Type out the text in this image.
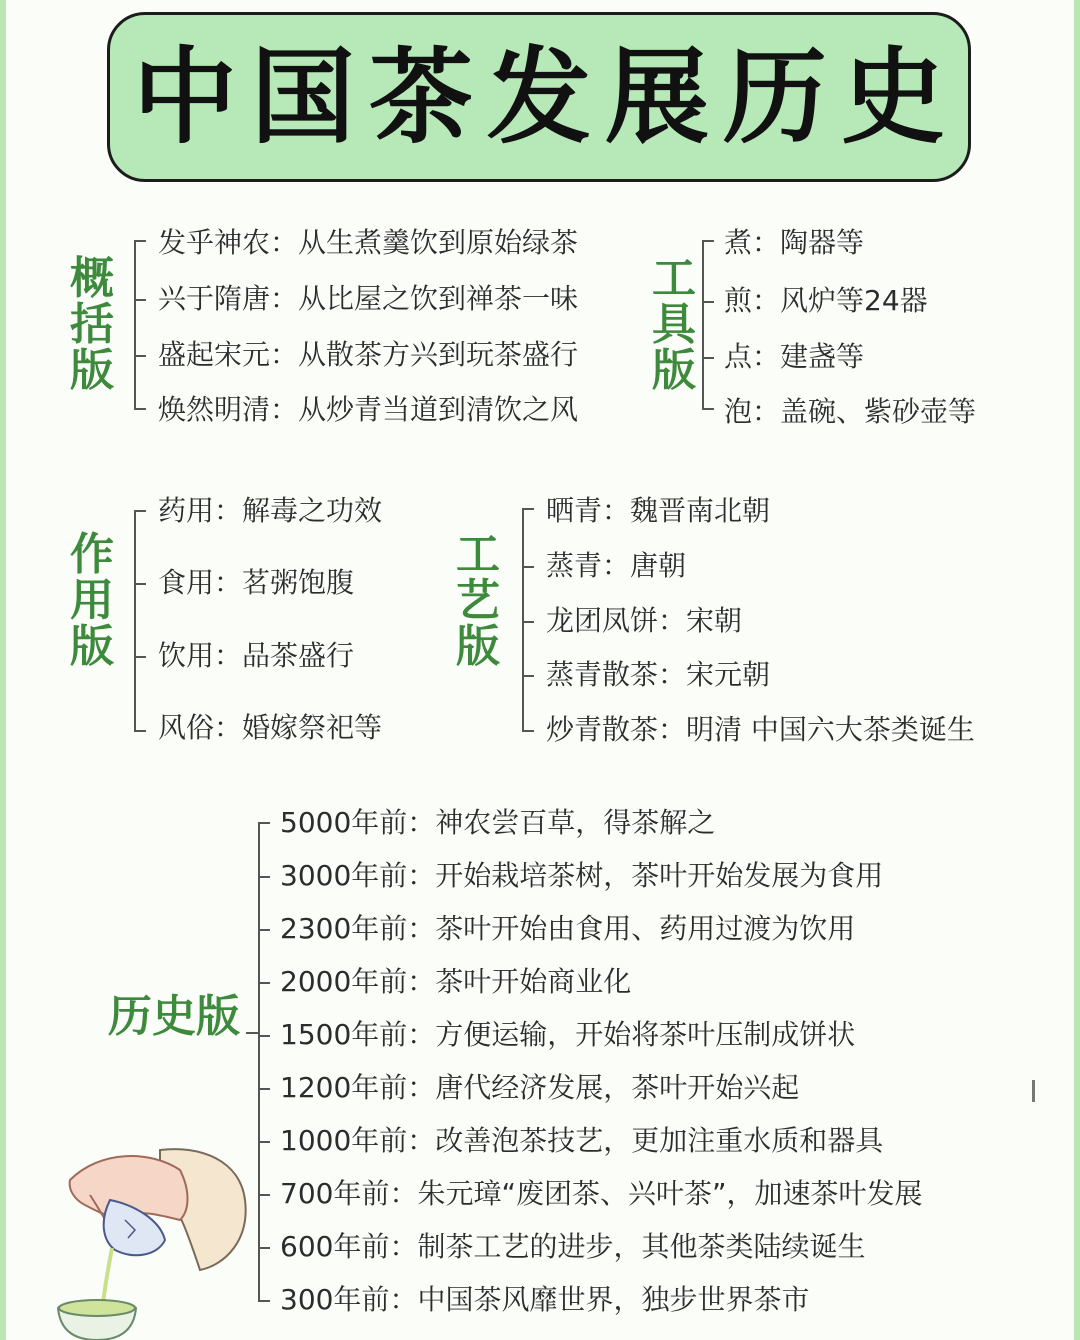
中国茶发展历史
概括版
发乎神农：从生煮羹饮到原始绿茶
兴于隋唐：从比屋之饮到禅茶一味
盛起宋元：从散茶方兴到玩茶盛行
焕然明清：从炒青当道到清饮之风
工具版
煮：陶器等
煎：风炉等24器
点：建盏等
泡：盖碗、紫砂壶等
作用版
药用：解毒之功效
食用：茗粥饱腹
饮用：品茶盛行
风俗：婚嫁祭祀等
工艺版
晒青：魏晋南北朝
蒸青：唐朝
龙团凤饼：宋朝
蒸青散茶：宋元朝
炒青散茶：明清 中国六大茶类诞生
历史版
5000年前：神农尝百草，得茶解之
3000年前：开始栽培茶树，茶叶开始发展为食用
2300年前：茶叶开始由食用、药用过渡为饮用
2000年前：茶叶开始商业化
1500年前：方便运输，开始将茶叶压制成饼状
1200年前：唐代经济发展，茶叶开始兴起
1000年前：改善泡茶技艺，更加注重水质和器具
700年前：朱元璋“废团茶、兴叶茶”，加速茶叶发展
600年前：制茶工艺的进步，其他茶类陆续诞生
300年前：中国茶风靡世界，独步世界茶市
